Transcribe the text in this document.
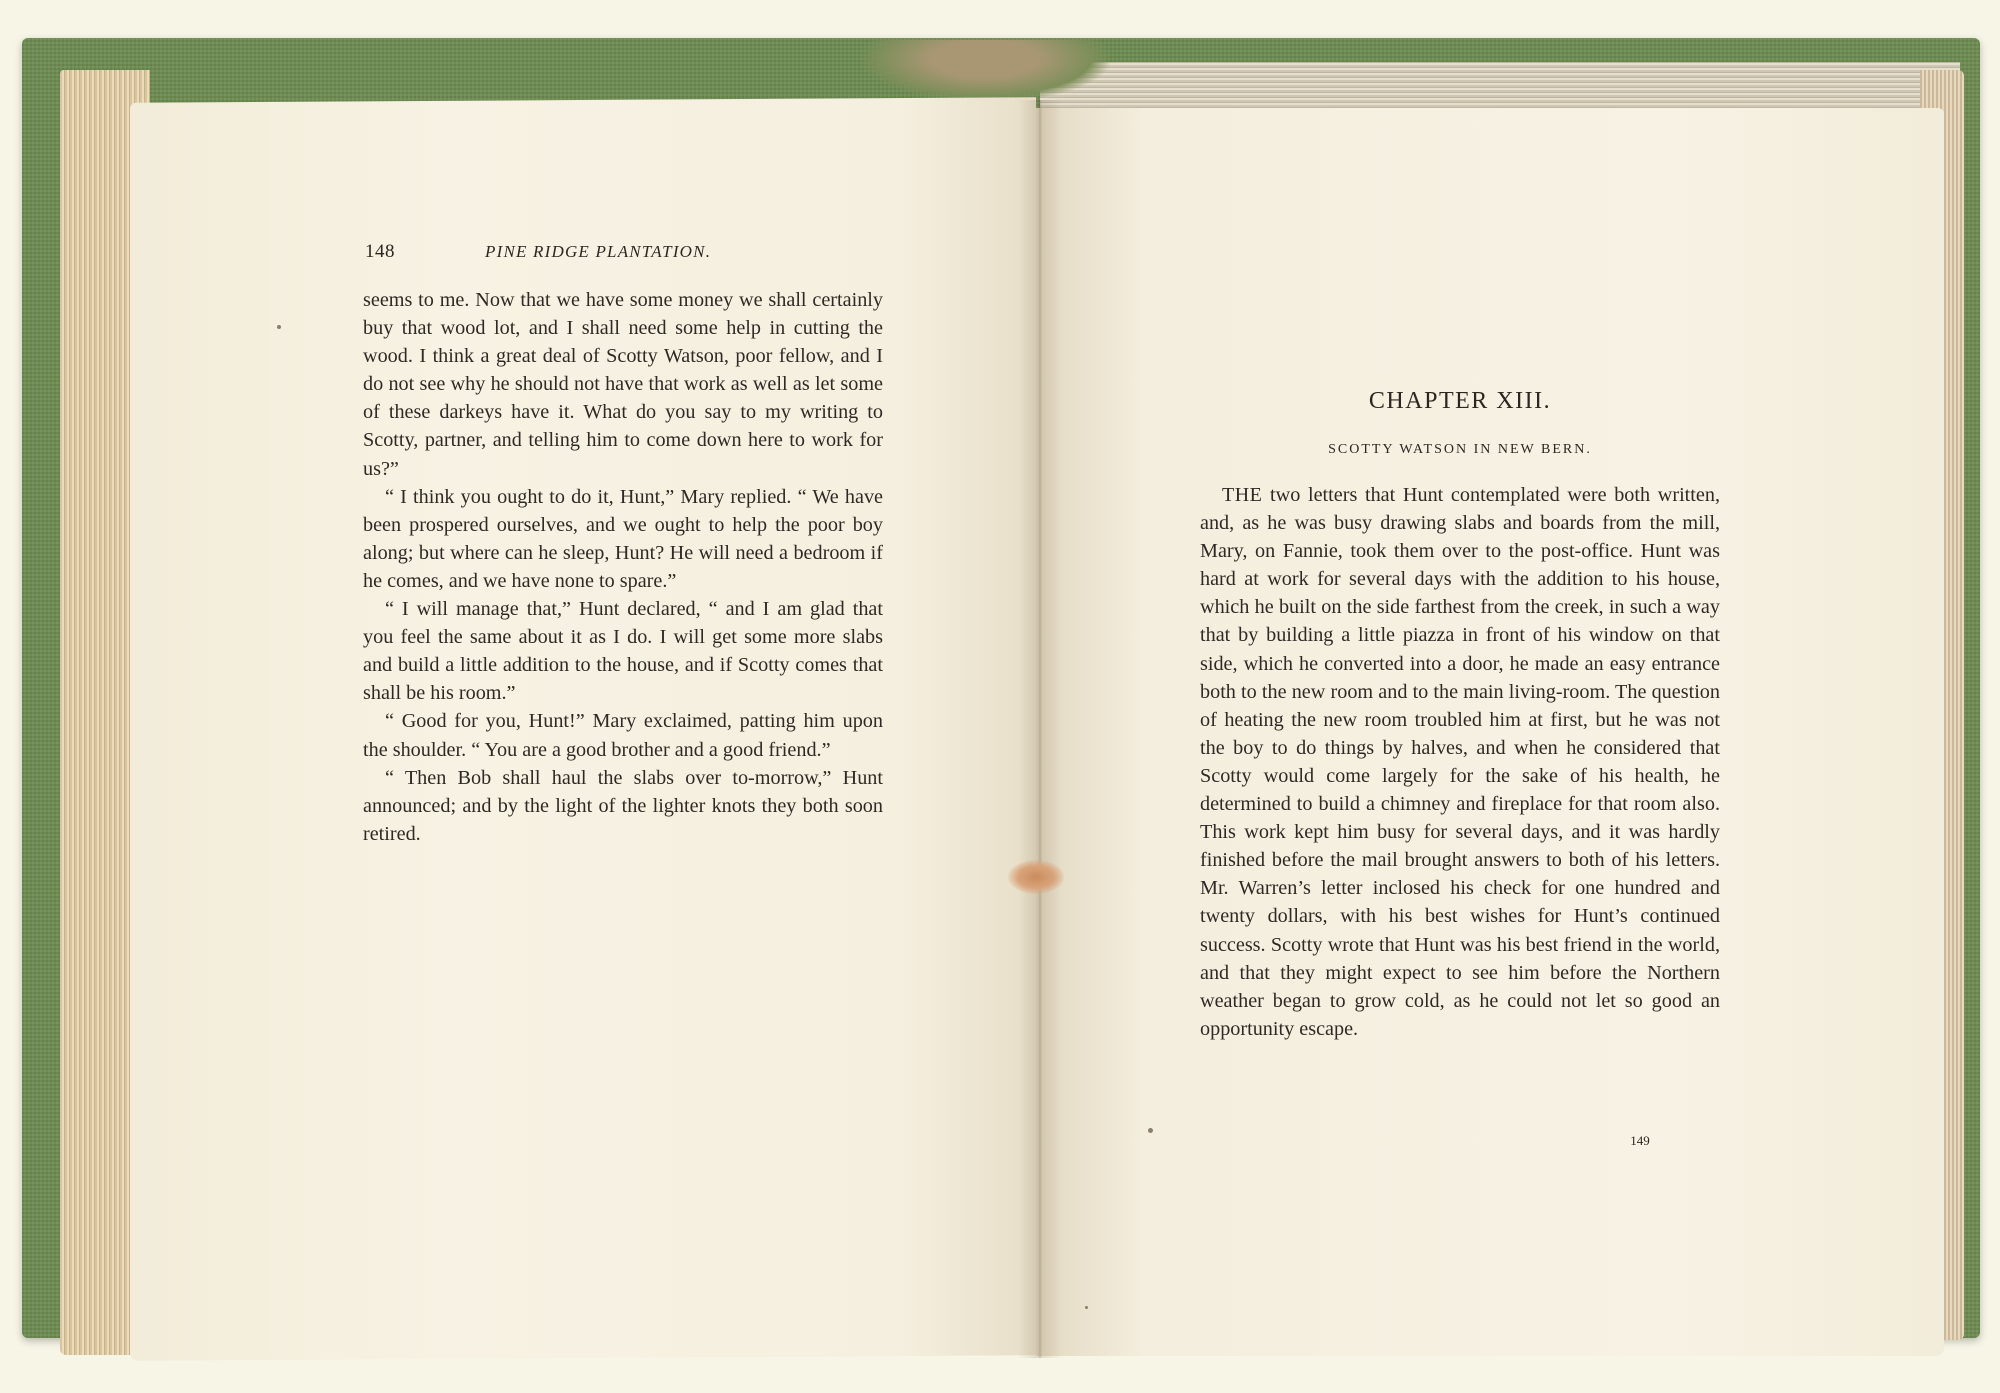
148	PINE RIDGE PLANTATION.

seems to me. Now that we have some money we shall certainly buy that wood lot, and I shall need some help in cutting the wood. I think a great deal of Scotty Watson, poor fellow, and I do not see why he should not have that work as well as let some of these darkeys have it. What do you say to my writing to Scotty, partner, and telling him to come down here to work for us?”

“ I think you ought to do it, Hunt,” Mary replied. “ We have been prospered ourselves, and we ought to help the poor boy along; but where can he sleep, Hunt? He will need a bedroom if he comes, and we have none to spare.”

“ I will manage that,” Hunt declared, “ and I am glad that you feel the same about it as I do. I will get some more slabs and build a little addition to the house, and if Scotty comes that shall be his room.”

“ Good for you, Hunt!” Mary exclaimed, patting him upon the shoulder. “ You are a good brother and a good friend.”

“ Then Bob shall haul the slabs over to-morrow,” Hunt announced; and by the light of the lighter knots they both soon retired.

CHAPTER XIII.
SCOTTY WATSON IN NEW BERN.

THE two letters that Hunt contemplated were both written, and, as he was busy drawing slabs and boards from the mill, Mary, on Fannie, took them over to the post-office. Hunt was hard at work for several days with the addition to his house, which he built on the side farthest from the creek, in such a way that by building a little piazza in front of his window on that side, which he converted into a door, he made an easy entrance both to the new room and to the main living-room. The question of heating the new room troubled him at first, but he was not the boy to do things by halves, and when he considered that Scotty would come largely for the sake of his health, he determined to build a chimney and fireplace for that room also. This work kept him busy for several days, and it was hardly finished before the mail brought answers to both of his letters. Mr. Warren’s letter inclosed his check for one hundred and twenty dollars, with his best wishes for Hunt’s continued success. Scotty wrote that Hunt was his best friend in the world, and that they might expect to see him before the Northern weather began to grow cold, as he could not let so good an opportunity escape.

149
